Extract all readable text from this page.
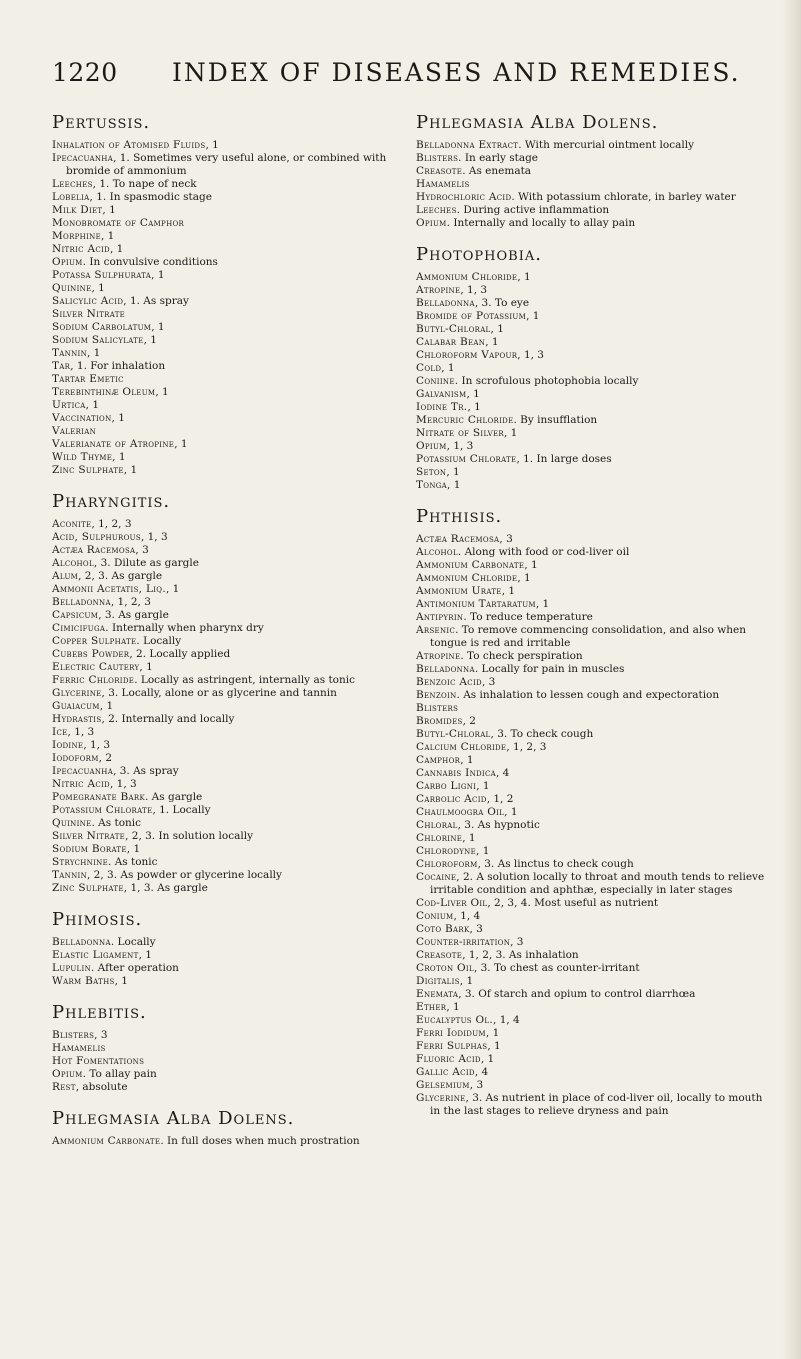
1220 INDEX OF DISEASES AND REMEDIES.
Pertussis.

Inhalation of Atomised Fluids, 1

Ipecacuanha, 1. Sometimes very useful alone, or combined with bromide of ammonium

Leeches, 1. To nape of neck

Lobelia, 1. In spasmodic stage

Milk Diet, 1

Monobromate of Camphor

Morphine, 1

Nitric Acid, 1

Opium. In convulsive conditions

Potassa Sulphurata, 1

Quinine, 1

Salicylic Acid, 1. As spray

Silver Nitrate

Sodium Carbolatum, 1

Sodium Salicylate, 1

Tannin, 1

Tar, 1. For inhalation

Tartar Emetic

Terebinthinæ Oleum, 1

Urtica, 1

Vaccination, 1

Valerian

Valerianate of Atropine, 1

Wild Thyme, 1

Zinc Sulphate, 1

Pharyngitis.

Aconite, 1, 2, 3

Acid, Sulphurous, 1, 3

Actæa Racemosa, 3

Alcohol, 3. Dilute as gargle

Alum, 2, 3. As gargle

Ammonii Acetatis, Liq., 1

Belladonna, 1, 2, 3

Capsicum, 3. As gargle

Cimicifuga. Internally when pharynx dry

Copper Sulphate. Locally

Cubebs Powder, 2. Locally applied

Electric Cautery, 1

Ferric Chloride. Locally as astringent, internally as tonic

Glycerine, 3. Locally, alone or as glycerine and tannin

Guaiacum, 1

Hydrastis, 2. Internally and locally

Ice, 1, 3

Iodine, 1, 3

Iodoform, 2

Ipecacuanha, 3. As spray

Nitric Acid, 1, 3

Pomegranate Bark. As gargle

Potassium Chlorate, 1. Locally

Quinine. As tonic

Silver Nitrate, 2, 3. In solution locally

Sodium Borate, 1

Strychnine. As tonic

Tannin, 2, 3. As powder or glycerine locally

Zinc Sulphate, 1, 3. As gargle

Phimosis.

Belladonna. Locally

Elastic Ligament, 1

Lupulin. After operation

Warm Baths, 1

Phlebitis.

Blisters, 3

Hamamelis

Hot Fomentations

Opium. To allay pain

Rest, absolute

Phlegmasia Alba Dolens.

Ammonium Carbonate. In full doses when much prostration

Phlegmasia Alba Dolens.

Belladonna Extract. With mercurial ointment locally

Blisters. In early stage

Creasote. As enemata

Hamamelis

Hydrochloric Acid. With potassium chlorate, in barley water

Leeches. During active inflammation

Opium. Internally and locally to allay pain

Photophobia.

Ammonium Chloride, 1

Atropine, 1, 3

Belladonna, 3. To eye

Bromide of Potassium, 1

Butyl-Chloral, 1

Calabar Bean, 1

Chloroform Vapour, 1, 3

Cold, 1

Coniine. In scrofulous photophobia locally

Galvanism, 1

Iodine Tr., 1

Mercuric Chloride. By insufflation

Nitrate of Silver, 1

Opium, 1, 3

Potassium Chlorate, 1. In large doses

Seton, 1

Tonga, 1

Phthisis.

Actæa Racemosa, 3

Alcohol. Along with food or cod-liver oil

Ammonium Carbonate, 1

Ammonium Chloride, 1

Ammonium Urate, 1

Antimonium Tartaratum, 1

Antipyrin. To reduce temperature

Arsenic. To remove commencing consolidation, and also when tongue is red and irritable

Atropine. To check perspiration

Belladonna. Locally for pain in muscles

Benzoic Acid, 3

Benzoin. As inhalation to lessen cough and expectoration

Blisters

Bromides, 2

Butyl-Chloral, 3. To check cough

Calcium Chloride, 1, 2, 3

Camphor, 1

Cannabis Indica, 4

Carbo Ligni, 1

Carbolic Acid, 1, 2

Chaulmoogra Oil, 1

Chloral, 3. As hypnotic

Chlorine, 1

Chlorodyne, 1

Chloroform, 3. As linctus to check cough

Cocaine, 2. A solution locally to throat and mouth tends to relieve irritable condition and aphthæ, especially in later stages

Cod-Liver Oil, 2, 3, 4. Most useful as nutrient

Conium, 1, 4

Coto Bark, 3

Counter-irritation, 3

Creasote, 1, 2, 3. As inhalation

Croton Oil, 3. To chest as counter-irritant

Digitalis, 1

Enemata, 3. Of starch and opium to control diarrhœa

Ether, 1

Eucalyptus Ol., 1, 4

Ferri Iodidum, 1

Ferri Sulphas, 1

Fluoric Acid, 1

Gallic Acid, 4

Gelsemium, 3

Glycerine, 3. As nutrient in place of cod-liver oil, locally to mouth in the last stages to relieve dryness and pain
